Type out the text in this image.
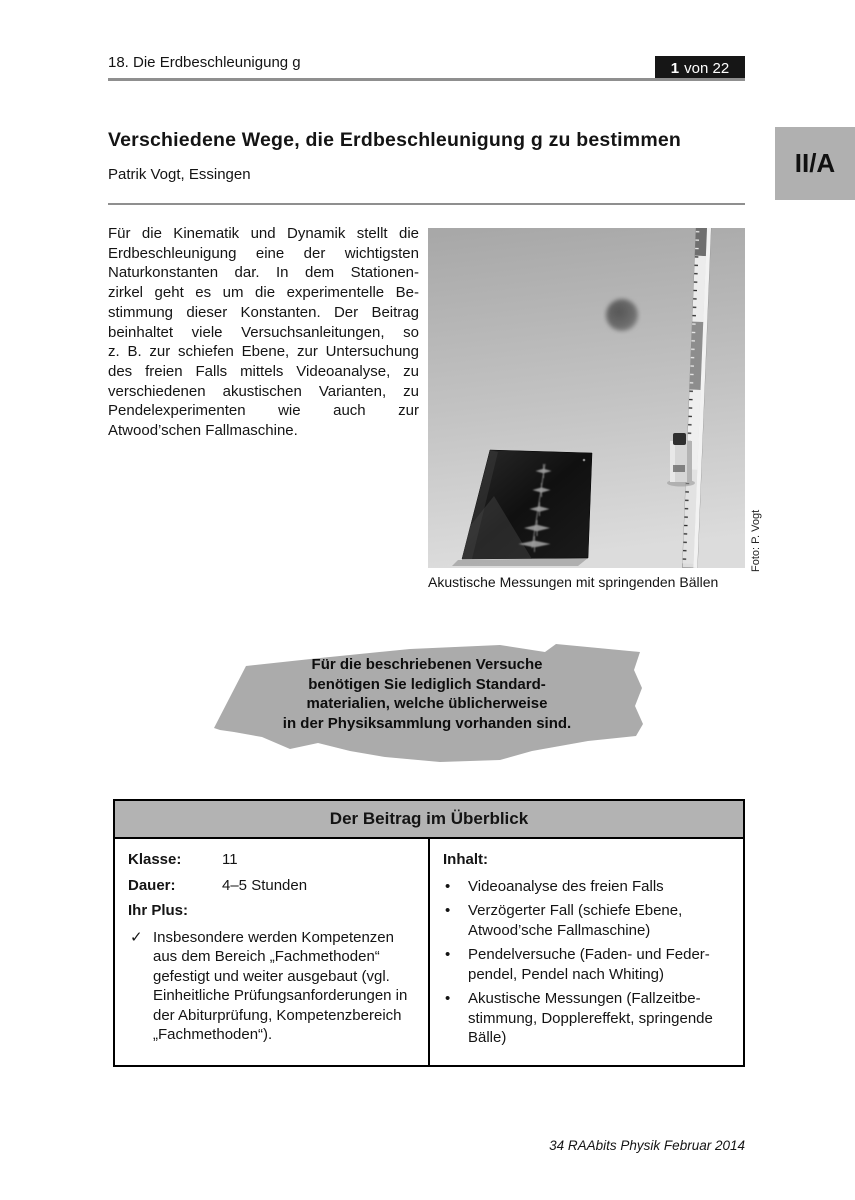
18. Die Erdbeschleunigung g	1 von 22
II/A
Verschiedene Wege, die Erdbeschleunigung g zu bestimmen
Patrik Vogt, Essingen
Für die Kinematik und Dynamik stellt die
Erdbeschleunigung eine der wichtigsten
Naturkonstanten dar. In dem Stationen-
zirkel geht es um die experimentelle Be-
stimmung dieser Konstanten. Der Beitrag
beinhaltet viele Versuchsanleitungen, so
z. B. zur schiefen Ebene, zur Untersuchung
des freien Falls mittels Videoanalyse, zu
verschiedenen akustischen Varianten, zu
Pendelexperimenten wie auch zur
Atwood’schen Fallmaschine.
Akustische Messungen mit springenden Bällen
Foto: P. Vogt
Für die beschriebenen Versuche
benötigen Sie lediglich Standard-
materialien, welche üblicherweise
in der Physiksammlung vorhanden sind.
Der Beitrag im Überblick
Klasse:	11
Dauer:	4–5 Stunden
Ihr Plus:
✓ Insbesondere werden Kompetenzen aus dem Bereich „Fachmethoden“ gefestigt und weiter ausgebaut (vgl. Einheitliche Prüfungsanforderungen in der Abiturprüfung, Kompetenzbereich „Fachmethoden“).
Inhalt:
• Videoanalyse des freien Falls
• Verzögerter Fall (schiefe Ebene, Atwood’sche Fallmaschine)
• Pendelversuche (Faden- und Feder-pendel, Pendel nach Whiting)
• Akustische Messungen (Fallzeitbe-stimmung, Dopplereffekt, springende Bälle)
34 RAAbits Physik Februar 2014
